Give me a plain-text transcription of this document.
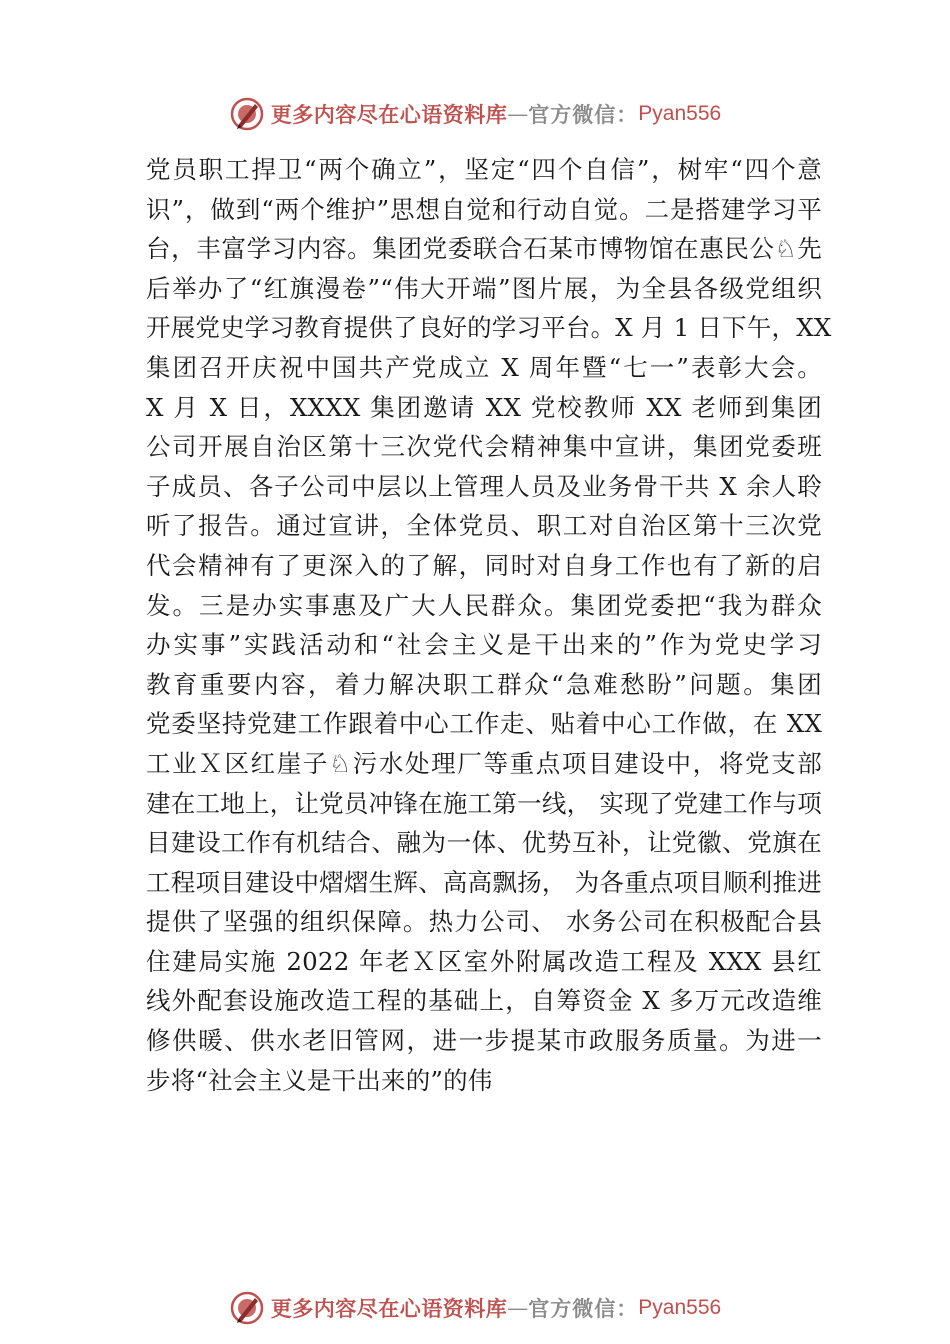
更多内容尽在心语资料库 — 官方微信： Pyan556
党员职工捍卫“两个确立”，坚定“四个自信”，树牢“四个意
识”，做到“两个维护”思想自觉和行动自觉。二是搭建学习平
台，丰富学习内容。集团党委联合石某市博物馆在惠民公♘先
后举办了“红旗漫卷”“伟大开端”图片展，为全县各级党组织
开展党史学习教育提供了良好的学习平台。X 月 1 日下午，XX
集团召开庆祝中国共产党成立 X 周年暨“七一”表彰大会。
X 月 X 日，XXXX 集团邀请 XX 党校教师 XX 老师到集团
公司开展自治区第十三次党代会精神集中宣讲，集团党委班
子成员、各子公司中层以上管理人员及业务骨干共 X 余人聆
听了报告。通过宣讲，全体党员、职工对自治区第十三次党
代会精神有了更深入的了解，同时对自身工作也有了新的启
发。三是办实事惠及广大人民群众。集团党委把“我为群众
办实事”实践活动和“社会主义是干出来的”作为党史学习
教育重要内容，着力解决职工群众“急难愁盼”问题。集团
党委坚持党建工作跟着中心工作走、贴着中心工作做，在 XX
工业Ｘ区红崖子♘污水处理厂等重点项目建设中，将党支部
建在工地上，让党员冲锋在施工第一线， 实现了党建工作与项
目建设工作有机结合、融为一体、优势互补，让党徽、党旗在
工程项目建设中熠熠生辉、高高飘扬， 为各重点项目顺利推进
提供了坚强的组织保障。热力公司、 水务公司在积极配合县
住建局实施 2022 年老Ｘ区室外附属改造工程及 XXX 县红
线外配套设施改造工程的基础上，自筹资金 X 多万元改造维
修供暖、供水老旧管网，进一步提某市政服务质量。为进一
步将“社会主义是干出来的”的伟
更多内容尽在心语资料库 — 官方微信： Pyan556
